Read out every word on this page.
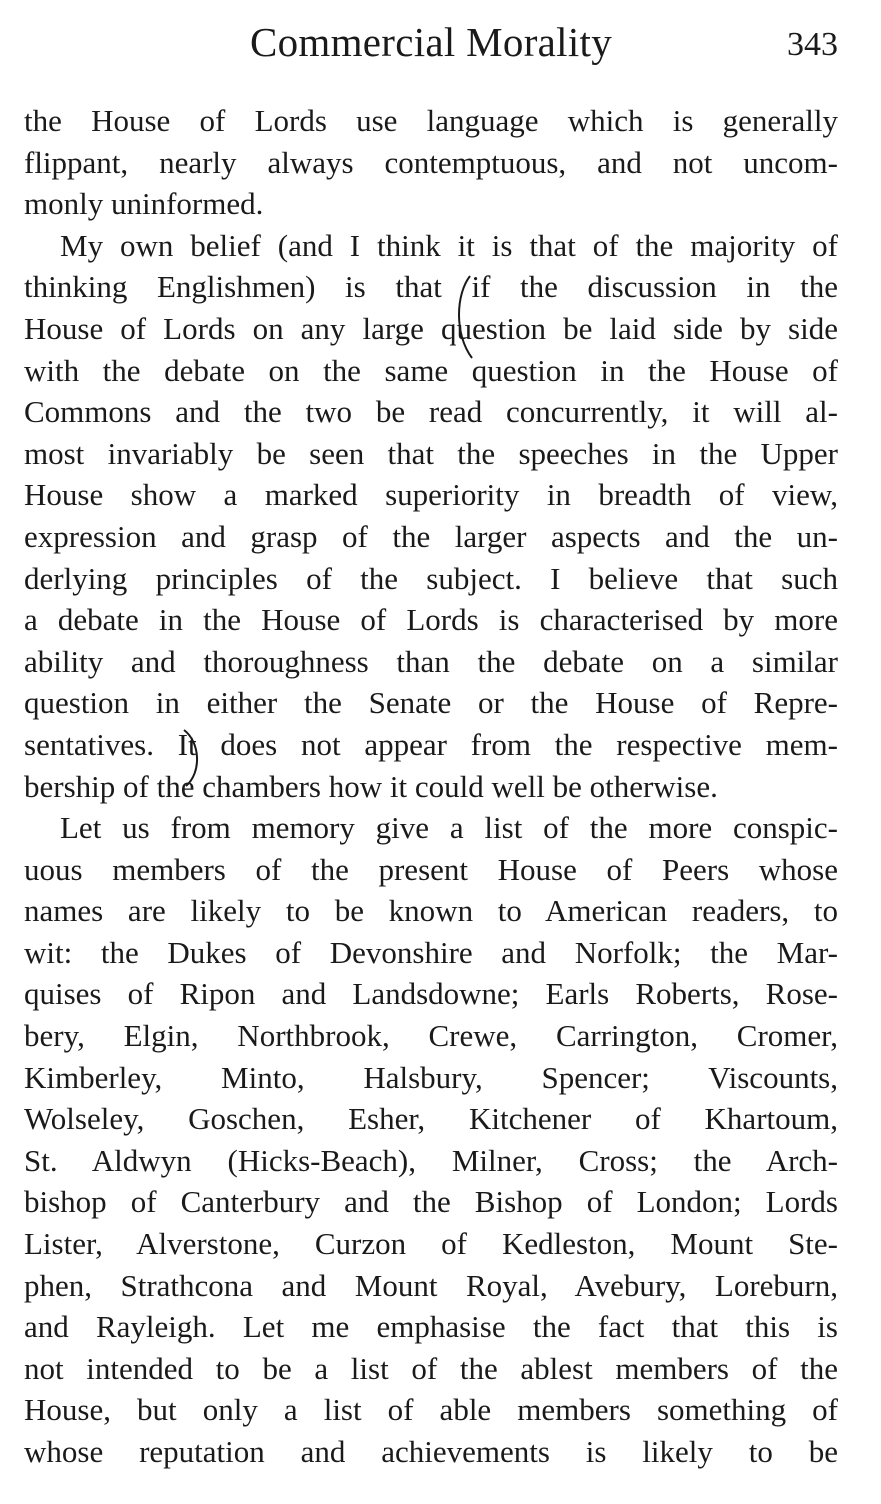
Commercial Morality	343
the House of Lords use language which is generally
flippant, nearly always contemptuous, and not uncom-
monly uninformed.
My own belief (and I think it is that of the majority of
thinking Englishmen) is that if the discussion in the
House of Lords on any large question be laid side by side
with the debate on the same question in the House of
Commons and the two be read concurrently, it will al-
most invariably be seen that the speeches in the Upper
House show a marked superiority in breadth of view,
expression and grasp of the larger aspects and the un-
derlying principles of the subject. I believe that such
a debate in the House of Lords is characterised by more
ability and thoroughness than the debate on a similar
question in either the Senate or the House of Repre-
sentatives. It does not appear from the respective mem-
bership of the chambers how it could well be otherwise.
Let us from memory give a list of the more conspic-
uous members of the present House of Peers whose
names are likely to be known to American readers, to
wit: the Dukes of Devonshire and Norfolk; the Mar-
quises of Ripon and Landsdowne; Earls Roberts, Rose-
bery, Elgin, Northbrook, Crewe, Carrington, Cromer,
Kimberley, Minto, Halsbury, Spencer; Viscounts,
Wolseley, Goschen, Esher, Kitchener of Khartoum,
St. Aldwyn (Hicks-Beach), Milner, Cross; the Arch-
bishop of Canterbury and the Bishop of London; Lords
Lister, Alverstone, Curzon of Kedleston, Mount Ste-
phen, Strathcona and Mount Royal, Avebury, Loreburn,
and Rayleigh. Let me emphasise the fact that this is
not intended to be a list of the ablest members of the
House, but only a list of able members something of
whose reputation and achievements is likely to be
